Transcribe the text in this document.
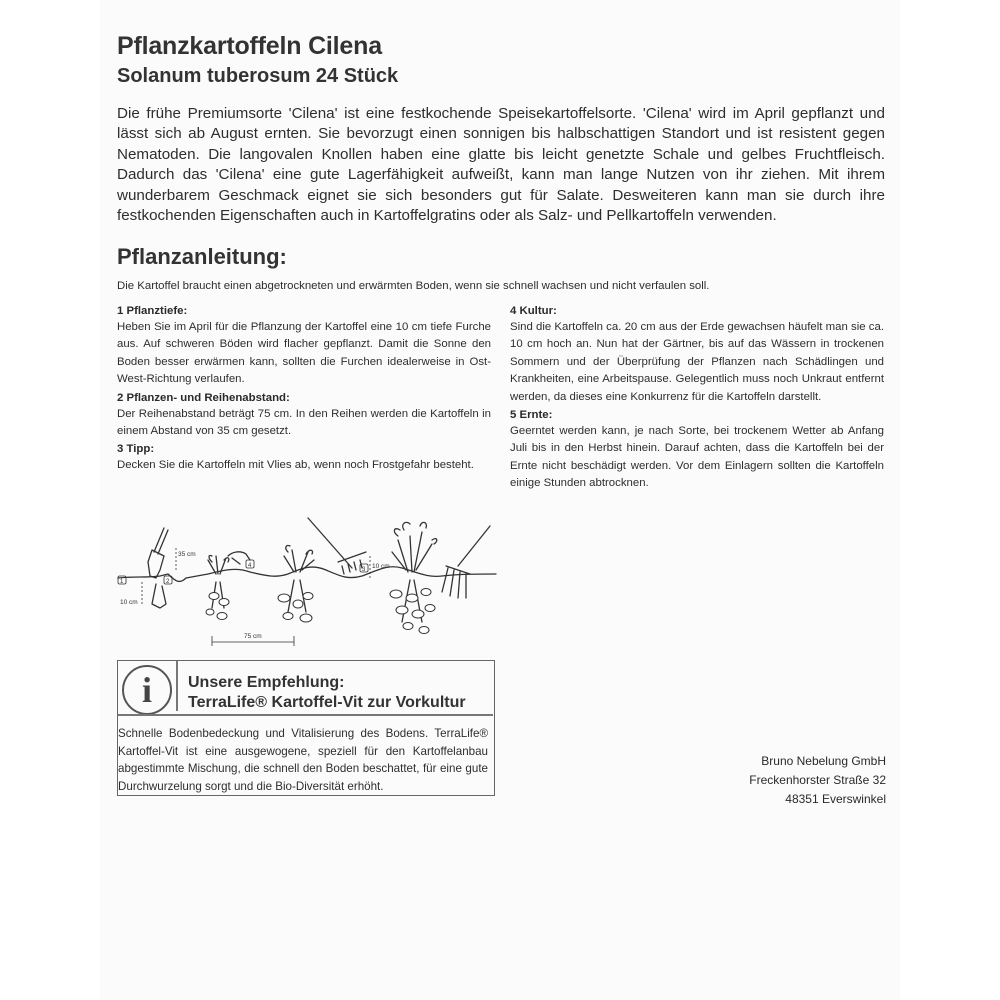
Pflanzkartoffeln Cilena
Solanum tuberosum 24 Stück

Die frühe Premiumsorte 'Cilena' ist eine festkochende Speisekartoffelsorte. 'Cilena' wird im April gepflanzt und lässt sich ab August ernten. Sie bevorzugt einen sonnigen bis halbschattigen Standort und ist resistent gegen Nematoden. Die langovalen Knollen haben eine glatte bis leicht genetzte Schale und gelbes Fruchtfleisch. Dadurch das 'Cilena' eine gute Lagerfähigkeit aufweißt, kann man lange Nutzen von ihr ziehen. Mit ihrem wunderbarem Geschmack eignet sie sich besonders gut für Salate. Desweiteren kann man sie durch ihre festkochenden Eigenschaften auch in Kartoffelgratins oder als Salz- und Pellkartoffeln verwenden.

Pflanzanleitung:

Die Kartoffel braucht einen abgetrockneten und erwärmten Boden, wenn sie schnell wachsen und nicht verfaulen soll.

1 Pflanztiefe:

Heben Sie im April für die Pflanzung der Kartoffel eine 10 cm tiefe Furche aus. Auf schweren Böden wird flacher gepflanzt. Damit die Sonne den Boden besser erwärmen kann, sollten die Furchen idealerweise in Ost-West-Richtung verlaufen.

2 Pflanzen- und Reihenabstand:

Der Reihenabstand beträgt 75 cm. In den Reihen werden die Kartoffeln in einem Abstand von 35 cm gesetzt.

3 Tipp:

Decken Sie die Kartoffeln mit Vlies ab, wenn noch Frostgefahr besteht.

4 Kultur:

Sind die Kartoffeln ca. 20 cm aus der Erde gewachsen häufelt man sie ca. 10 cm hoch an. Nun hat der Gärtner, bis auf das Wässern in trockenen Sommern und der Überprüfung der Pflanzen nach Schädlingen und Krankheiten, eine Arbeitspause. Gelegentlich muss noch Unkraut entfernt werden, da dieses eine Konkurrenz für die Kartoffeln darstellt.

5 Ernte:

Geerntet werden kann, je nach Sorte, bei trockenem Wetter ab Anfang Juli bis in den Herbst hinein. Darauf achten, dass die Kartoffeln bei der Ernte nicht beschädigt werden. Vor dem Einlagern sollten die Kartoffeln einige Stunden abtrocknen.

10 cm
35 cm
75 cm
10 cm
1	2
4
3
i	Unsere Empfehlung:

TerraLife® Kartoffel-Vit zur Vorkultur

Schnelle Bodenbedeckung und Vitalisierung des Bodens. TerraLife® Kartoffel-Vit ist eine ausgewogene, speziell für den Kartoffelanbau abgestimmte Mischung, die schnell den Boden beschattet, für eine gute Durchwurzelung sorgt und die Bio-Diversität erhöht.

Bruno Nebelung GmbH
Freckenhorster Straße 32
48351 Everswinkel
